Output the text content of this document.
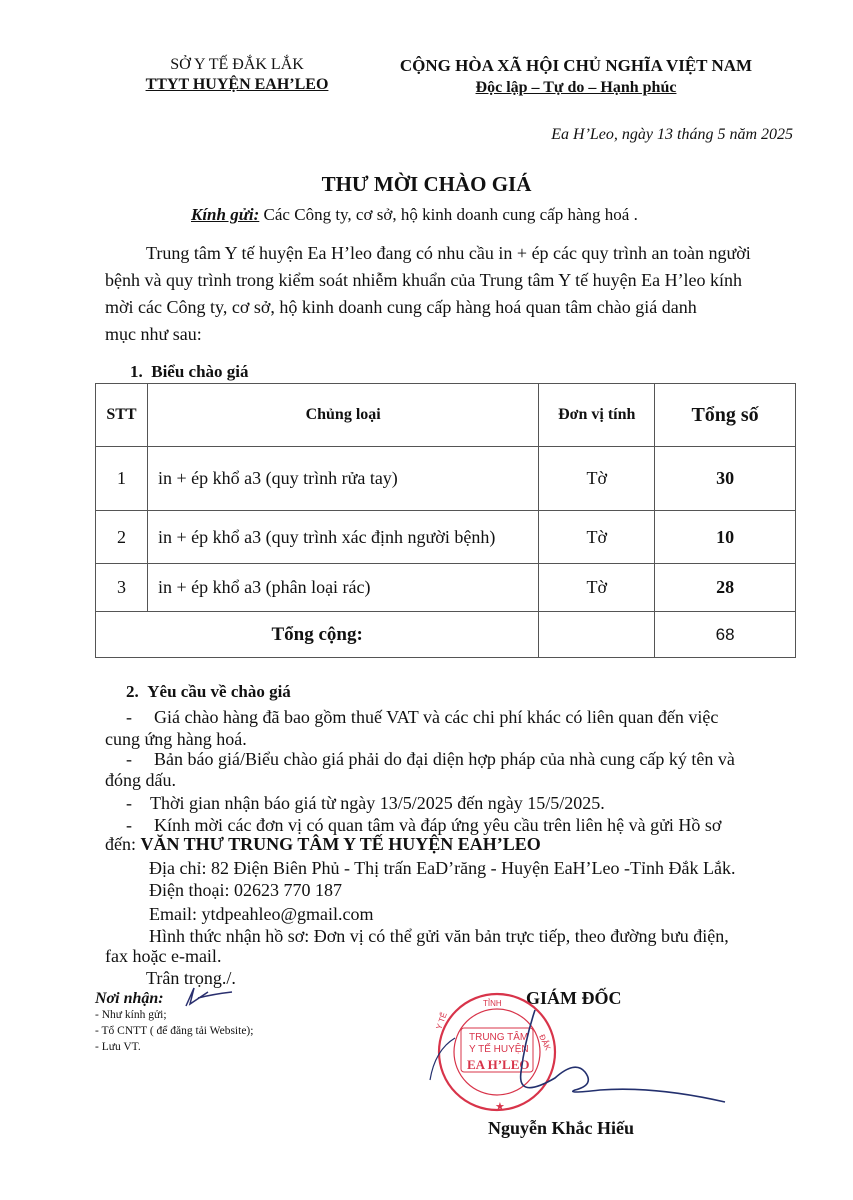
SỞ Y TẾ ĐẮK LẮK
TTYT HUYỆN EAH’LEO
CỘNG HÒA XÃ HỘI CHỦ NGHĨA VIỆT NAM
Độc lập – Tự do – Hạnh phúc
Ea H’Leo, ngày 13 tháng 5 năm 2025
THƯ MỜI CHÀO GIÁ
Kính gửi: Các Công ty, cơ sở, hộ kinh doanh cung cấp hàng hoá .
Trung tâm Y tế huyện Ea H’leo đang có nhu cầu in + ép các quy trình an toàn người
bệnh và quy trình trong kiểm soát nhiễm khuẩn của Trung tâm Y tế huyện Ea H’leo kính
mời các Công ty, cơ sở, hộ kinh doanh cung cấp hàng hoá quan tâm chào giá danh
mục như sau:
1. Biểu chào giá
STT	Chủng loại	Đơn vị tính	Tổng số
1	in + ép khổ a3 (quy trình rửa tay)	Tờ	30
2	in + ép khổ a3 (quy trình xác định người bệnh)	Tờ	10
3	in + ép khổ a3 (phân loại rác)	Tờ	28
Tổng cộng:			68
2. Yêu cầu về chào giá
- Giá chào hàng đã bao gồm thuế VAT và các chi phí khác có liên quan đến việc
cung ứng hàng hoá.
- Bản báo giá/Biểu chào giá phải do đại diện hợp pháp của nhà cung cấp ký tên và
đóng dấu.
- Thời gian nhận báo giá từ ngày 13/5/2025 đến ngày 15/5/2025.
- Kính mời các đơn vị có quan tâm và đáp ứng yêu cầu trên liên hệ và gửi Hồ sơ
đến: VĂN THƯ TRUNG TÂM Y TẾ HUYỆN EAH’LEO
Địa chỉ: 82 Điện Biên Phủ - Thị trấn EaD’răng - Huyện EaH’Leo -Tỉnh Đắk Lắk.
Điện thoại: 02623 770 187
Email: ytdpeahleo@gmail.com
Hình thức nhận hồ sơ: Đơn vị có thể gửi văn bản trực tiếp, theo đường bưu điện,
fax hoặc e-mail.
Trân trọng./.
Nơi nhận:
- Như kính gửi;
- Tổ CNTT ( để đăng tải Website);
- Lưu VT.
GIÁM ĐỐC
TRUNG TÂM
Y TẾ HUYỆN
EA H’LEO
TỈNH
ĐẮK
Y TẾ
★
Nguyễn Khắc Hiếu
